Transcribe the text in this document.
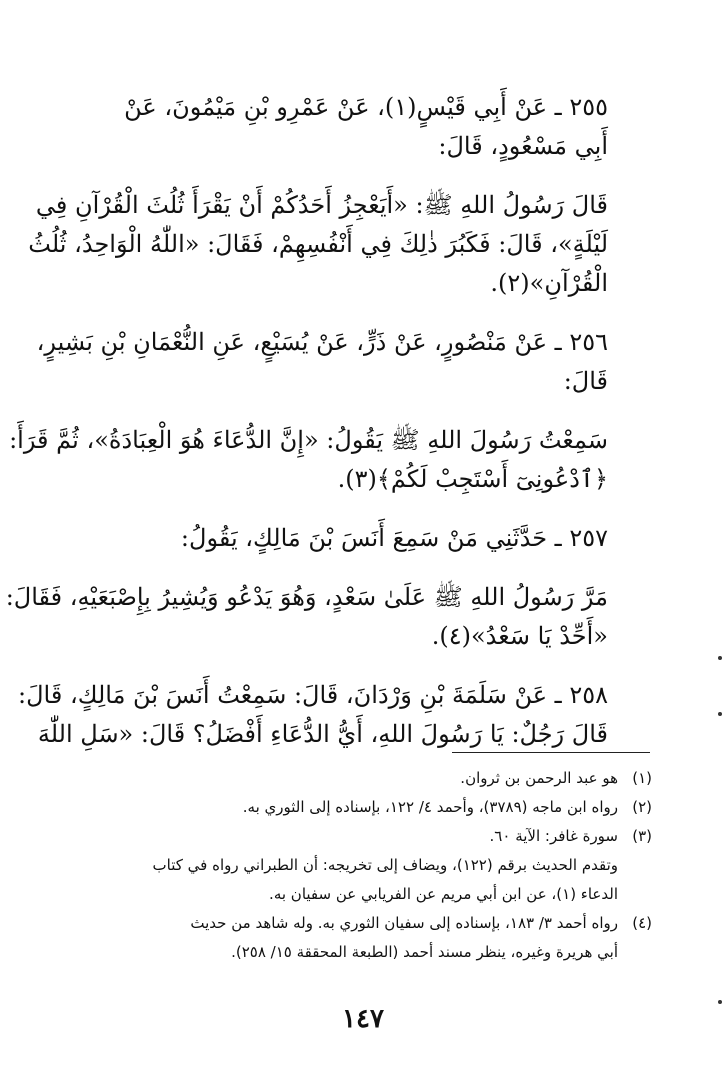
٢٥٥ ـ عَنْ أَبِي قَيْسٍ(١)، عَنْ عَمْرِو بْنِ مَيْمُونَ، عَنْ
أَبِي مَسْعُودٍ، قَالَ:
قَالَ رَسُولُ اللهِ ﷺ: «أَيَعْجِزُ أَحَدُكُمْ أَنْ يَقْرَأَ ثُلُثَ الْقُرْآنِ فِي
لَيْلَةٍ»، قَالَ: فَكَبُرَ ذٰلِكَ فِي أَنْفُسِهِمْ، فَقَالَ: «اللّٰهُ الْوَاحِدُ، ثُلُثُ
الْقُرْآنِ»(٢).
٢٥٦ ـ عَنْ مَنْصُورٍ، عَنْ ذَرٍّ، عَنْ يُسَيْعٍ، عَنِ النُّعْمَانِ بْنِ بَشِيرٍ،
قَالَ:
سَمِعْتُ رَسُولَ اللهِ ﷺ يَقُولُ: «إِنَّ الدُّعَاءَ هُوَ الْعِبَادَةُ»، ثُمَّ قَرَأَ:
﴿ٱدْعُونِىٓ أَسْتَجِبْ لَكُمْ﴾(٣).
٢٥٧ ـ حَدَّثَنِي مَنْ سَمِعَ أَنَسَ بْنَ مَالِكٍ، يَقُولُ:
مَرَّ رَسُولُ اللهِ ﷺ عَلَىٰ سَعْدٍ، وَهُوَ يَدْعُو وَيُشِيرُ بِإِصْبَعَيْهِ، فَقَالَ:
«أَحِّدْ يَا سَعْدُ»(٤).
٢٥٨ ـ عَنْ سَلَمَةَ بْنِ وَرْدَانَ، قَالَ: سَمِعْتُ أَنَسَ بْنَ مَالِكٍ، قَالَ:
قَالَ رَجُلٌ: يَا رَسُولَ اللهِ، أَيُّ الدُّعَاءِ أَفْضَلُ؟ قَالَ: «سَلِ اللّٰهَ
(١)هو عبد الرحمن بن ثروان.
(٢)رواه ابن ماجه (٣٧٨٩)، وأحمد ٤/ ١٢٢، بإسناده إلى الثوري به.
(٣)سورة غافر: الآية ٦٠.
وتقدم الحديث برقم (١٢٢)، ويضاف إلى تخريجه: أن الطبراني رواه في كتاب
الدعاء (١)، عن ابن أبي مريم عن الفريابي عن سفيان به.
(٤)رواه أحمد ٣/ ١٨٣، بإسناده إلى سفيان الثوري به. وله شاهد من حديث
أبي هريرة وغيره، ينظر مسند أحمد (الطبعة المحققة ١٥/ ٢٥٨).
١٤٧
